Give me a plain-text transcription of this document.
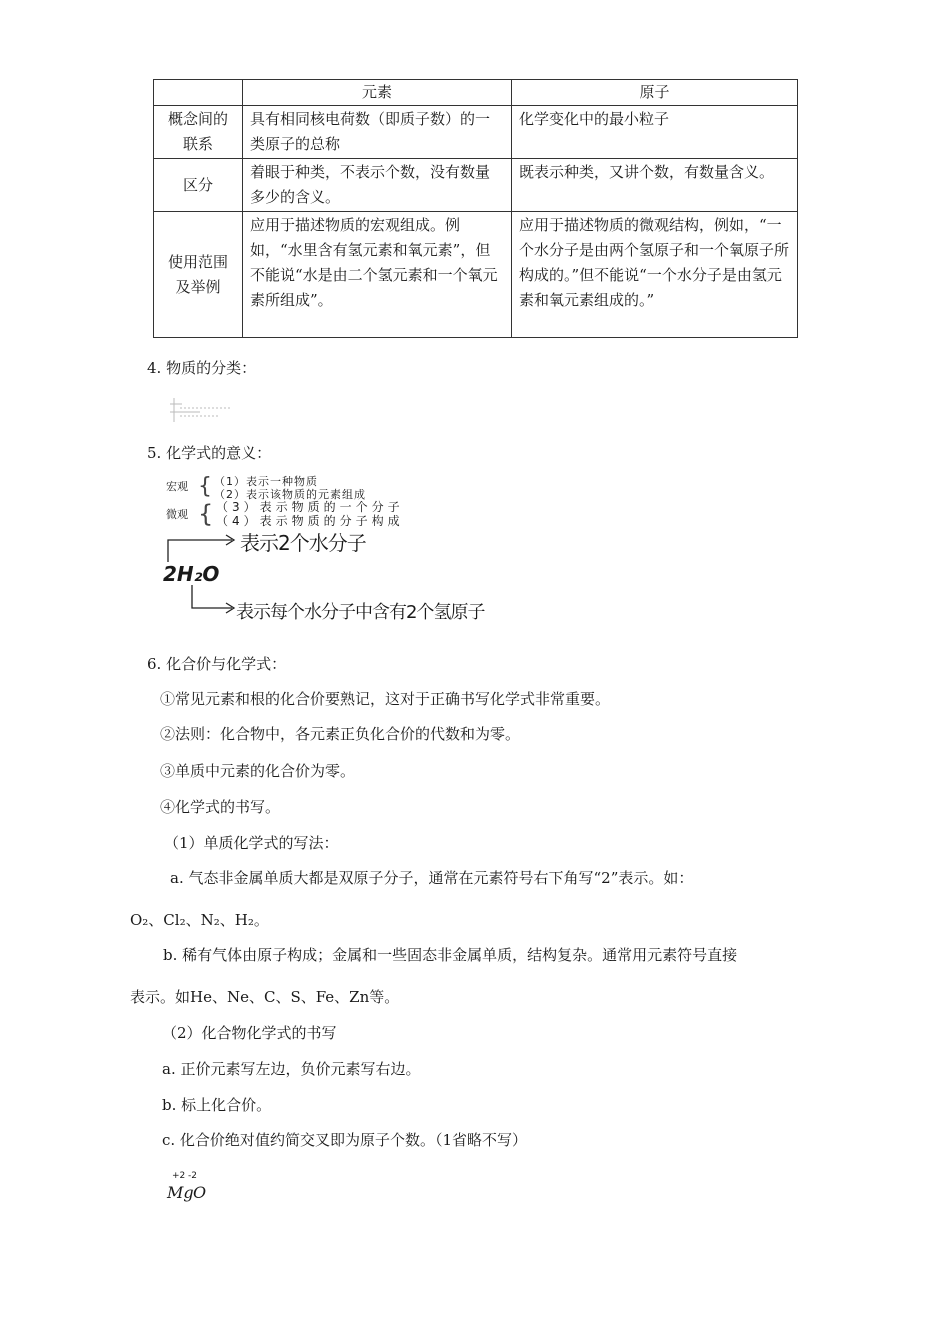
	元素	原子
概念间的联系	具有相同核电荷数（即质子数）的一类原子的总称	化学变化中的最小粒子
区分	着眼于种类，不表示个数，没有数量多少的含义。	既表示种类，又讲个数，有数量含义。
使用范围及举例	应用于描述物质的宏观组成。例如，“水里含有氢元素和氧元素”，但不能说“水是由二个氢元素和一个氧元素所组成”。	应用于描述物质的微观结构，例如，“一个水分子是由两个氢原子和一个氧原子所构成的。”但不能说“一个水分子是由氢元素和氧元素组成的。”
4. 物质的分类：
5. 化学式的意义：
宏观 { （1）表示一种物质
（2）表示该物质的元素组成
微观 { （3）表示物质的一个分子
（4）表示物质的分子构成
表示2个水分子
2H₂O
表示每个水分子中含有2个氢原子
6. 化合价与化学式：
①常见元素和根的化合价要熟记，这对于正确书写化学式非常重要。
②法则：化合物中，各元素正负化合价的代数和为零。
③单质中元素的化合价为零。
④化学式的书写。
（1）单质化学式的写法：
a. 气态非金属单质大都是双原子分子，通常在元素符号右下角写“2”表示。如：
O₂、Cl₂、N₂、H₂。
b. 稀有气体由原子构成；金属和一些固态非金属单质，结构复杂。通常用元素符号直接
表示。如He、Ne、C、S、Fe、Zn等。
（2）化合物化学式的书写
a. 正价元素写左边，负价元素写右边。
b. 标上化合价。
c. 化合价绝对值约简交叉即为原子个数。（1省略不写）
+2 -2
Mg O
